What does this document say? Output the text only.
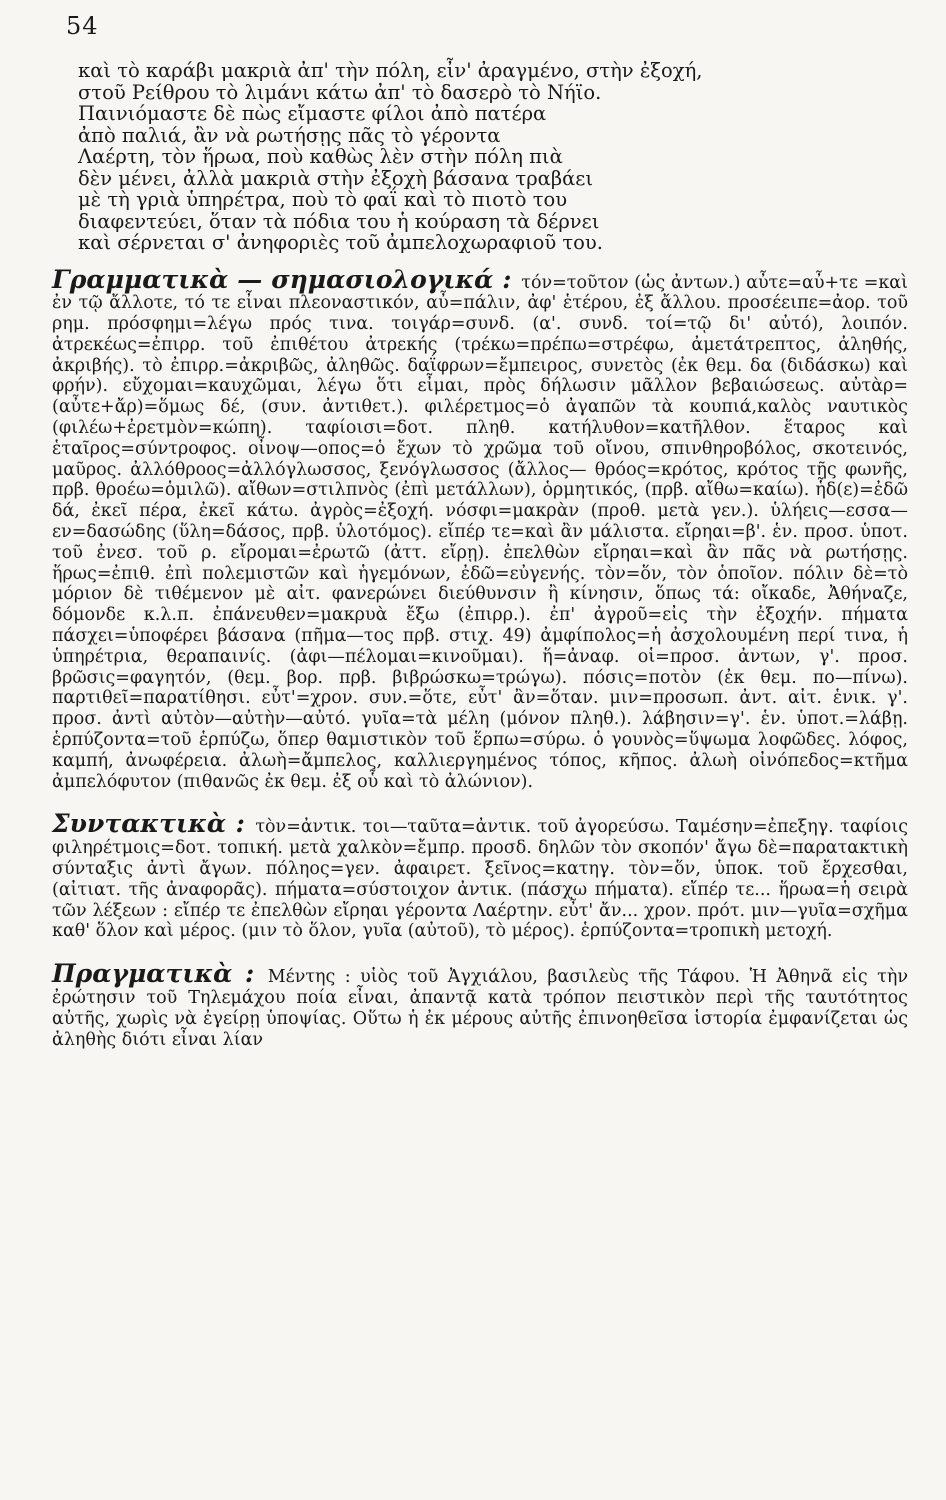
54
καὶ τὸ καράβι μακριὰ ἀπ' τὴν πόλη, εἶν' ἀραγμένο, στὴν ἐξοχή,
στοῦ Ρείθρου τὸ λιμάνι κάτω ἀπ' τὸ δασερὸ τὸ Νήϊο.
Παινιόμαστε δὲ πὼς εἴμαστε φίλοι ἀπὸ πατέρα
ἀπὸ παλιά, ἂν νὰ ρωτήσῃς πᾶς τὸ γέροντα
Λαέρτη, τὸν ἥρωα, ποὺ καθὼς λὲν στὴν πόλη πιὰ
δὲν μένει, ἀλλὰ μακριὰ στὴν ἐξοχὴ βάσανα τραβάει
μὲ τὴ γριὰ ὑπηρέτρα, ποὺ τὸ φαΐ καὶ τὸ πιοτὸ του
διαφεντεύει, ὅταν τὰ πόδια του ἡ κούραση τὰ δέρνει
καὶ σέρνεται σ' ἀνηφοριὲς τοῦ ἀμπελοχωραφιοῦ του.
Γραμματικὰ — σημασιολογικά : τόν=τοῦτον (ὡς ἀντων.) αὖτε=αὖ+τε =καὶ ἐν τῷ ἄλλοτε, τό τε εἶναι πλεοναστικόν, αὖ=πάλιν, ἀφ' ἑτέρου, ἐξ ἄλλου. προσέειπε=ἀορ. τοῦ ρημ. πρόσφημι=λέγω πρός τινα. τοιγάρ=συνδ. (α'. συνδ. τοί=τῷ δι' αὐτό), λοιπόν. ἀτρεκέως=ἐπιρρ. τοῦ ἐπιθέτου ἀτρεκής (τρέκω=πρέπω=στρέφω, ἀμετάτρεπτος, ἀληθής, ἀκριβής). τὸ ἐπιρρ.=ἀκριβῶς, ἀληθῶς. δαΐφρων=ἔμπειρος, συνετὸς (ἐκ θεμ. δα (διδάσκω) καὶ φρήν). εὔχομαι=καυχῶμαι, λέγω ὅτι εἶμαι, πρὸς δήλωσιν μᾶλλον βεβαιώσεως. αὐτὰρ=(αὖτε+ἄρ)=ὅμως δέ, (συν. ἀντιθετ.). φιλέρετμος=ὁ ἀγαπῶν τὰ κουπιά,καλὸς ναυτικὸς (φιλέω+ἐρετμὸν=κώπη). ταφίοισι=δοτ. πληθ. κατήλυθον=κατῆλθον. ἕταρος καὶ ἑταῖρος=σύντροφος. οἶνοψ—οπος=ὁ ἔχων τὸ χρῶμα τοῦ οἴνου, σπινθηροβόλος, σκοτεινός, μαῦρος. ἀλλόθροος=ἀλλόγλωσσος, ξενόγλωσσος (ἄλλος— θρόος=κρότος, κρότος τῆς φωνῆς, πρβ. θροέω=ὁμιλῶ). αἴθων=στιλπνὸς (ἐπὶ μετάλλων), ὁρμητικός, (πρβ. αἴθω=καίω). ἧδ(ε)=ἐδῶ δά, ἐκεῖ πέρα, ἐκεῖ κάτω. ἀγρὸς=ἐξοχή. νόσφι=μακρὰν (προθ. μετὰ γεν.). ὑλήεις—εσσα—εν=δασώδης (ὕλη=δάσος, πρβ. ὑλοτόμος). εἴπέρ τε=καὶ ἂν μάλιστα. εἴρηαι=β'. ἑν. προσ. ὑποτ. τοῦ ἐνεσ. τοῦ ρ. εἴρομαι=ἐρωτῶ (ἀττ. εἴρῃ). ἐπελθὼν εἴρηαι=καὶ ἂν πᾶς νὰ ρωτήσῃς. ἥρως=ἐπιθ. ἐπὶ πολεμιστῶν καὶ ἡγεμόνων, ἐδῶ=εὐγενής. τὸν=ὅν, τὸν ὁποῖον. πόλιν δὲ=τὸ μόριον δὲ τιθέμενον μὲ αἰτ. φανερώνει διεύθυνσιν ἢ κίνησιν, ὅπως τά: οἴκαδε, Ἀθήναζε, δόμονδε κ.λ.π. ἐπάνευθεν=μακρυὰ ἔξω (ἐπιρρ.). ἐπ' ἀγροῦ=εἰς τὴν ἐξοχήν. πήματα πάσχει=ὑποφέρει βάσανα (πῆμα—τος πρβ. στιχ. 49) ἀμφίπολος=ἡ ἀσχολουμένη περί τινα, ἡ ὑπηρέτρια, θεραπαινίς. (ἀφι—πέλομαι=κινοῦμαι). ἥ=ἀναφ. οἱ=προσ. ἀντων, γ'. προσ. βρῶσις=φαγητόν, (θεμ. βορ. πρβ. βιβρώσκω=τρώγω). πόσις=ποτὸν (ἐκ θεμ. πο—πίνω). παρτιθεῖ=παρατίθησι. εὖτ'=χρον. συν.=ὅτε, εὖτ' ἂν=ὅταν. μιν=προσωπ. ἀντ. αἰτ. ἑνικ. γ'. προσ. ἀντὶ αὐτὸν—αὐτὴν—αὐτό. γυῖα=τὰ μέλη (μόνον πληθ.). λάβησιν=γ'. ἑν. ὑποτ.=λάβῃ. ἑρπύζοντα=τοῦ ἑρπύζω, ὅπερ θαμιστικὸν τοῦ ἕρπω=σύρω. ὁ γουνὸς=ὕψωμα λοφῶδες. λόφος, καμπή, ἀνωφέρεια. ἀλωὴ=ἄμπελος, καλλιεργημένος τόπος, κῆπος. ἀλωὴ οἰνόπεδος=κτῆμα ἀμπελόφυτον (πιθανῶς ἐκ θεμ. ἐξ οὗ καὶ τὸ ἀλώνιον).
Συντακτικὰ : τὸν=ἀντικ. τοι—ταῦτα=ἀντικ. τοῦ ἀγορεύσω. Ταμέσην=ἐπεξηγ. ταφίοις φιληρέτμοις=δοτ. τοπική. μετὰ χαλκὸν=ἔμπρ. προσδ. δηλῶν τὸν σκοπόν' ἄγω δὲ=παρατακτικὴ σύνταξις ἀντὶ ἄγων. πόληος=γεν. ἀφαιρετ. ξεῖνος=κατηγ. τὸν=ὅν, ὑποκ. τοῦ ἔρχεσθαι, (αἰτιατ. τῆς ἀναφορᾶς). πήματα=σύστοιχον ἀντικ. (πάσχω πήματα). εἴπέρ τε... ἥρωα=ἡ σειρὰ τῶν λέξεων : εἴπέρ τε ἐπελθὼν εἴρηαι γέροντα Λαέρτην. εὖτ' ἄν... χρον. πρότ. μιν—γυῖα=σχῆμα καθ' ὅλον καὶ μέρος. (μιν τὸ ὅλον, γυῖα (αὐτοῦ), τὸ μέρος). ἑρπύζοντα=τροπικὴ μετοχή.
Πραγματικὰ : Μέντης : υἱὸς τοῦ Ἀγχιάλου, βασιλεὺς τῆς Τάφου. Ἡ Ἀθηνᾶ εἰς τὴν ἐρώτησιν τοῦ Τηλεμάχου ποία εἶναι, ἀπαντᾷ κατὰ τρόπον πειστικὸν περὶ τῆς ταυτότητος αὐτῆς, χωρὶς νὰ ἐγείρῃ ὑποψίας. Οὕτω ἡ ἐκ μέρους αὐτῆς ἐπινοηθεῖσα ἱστορία ἐμφανίζεται ὡς ἀληθὴς διότι εἶναι λίαν
